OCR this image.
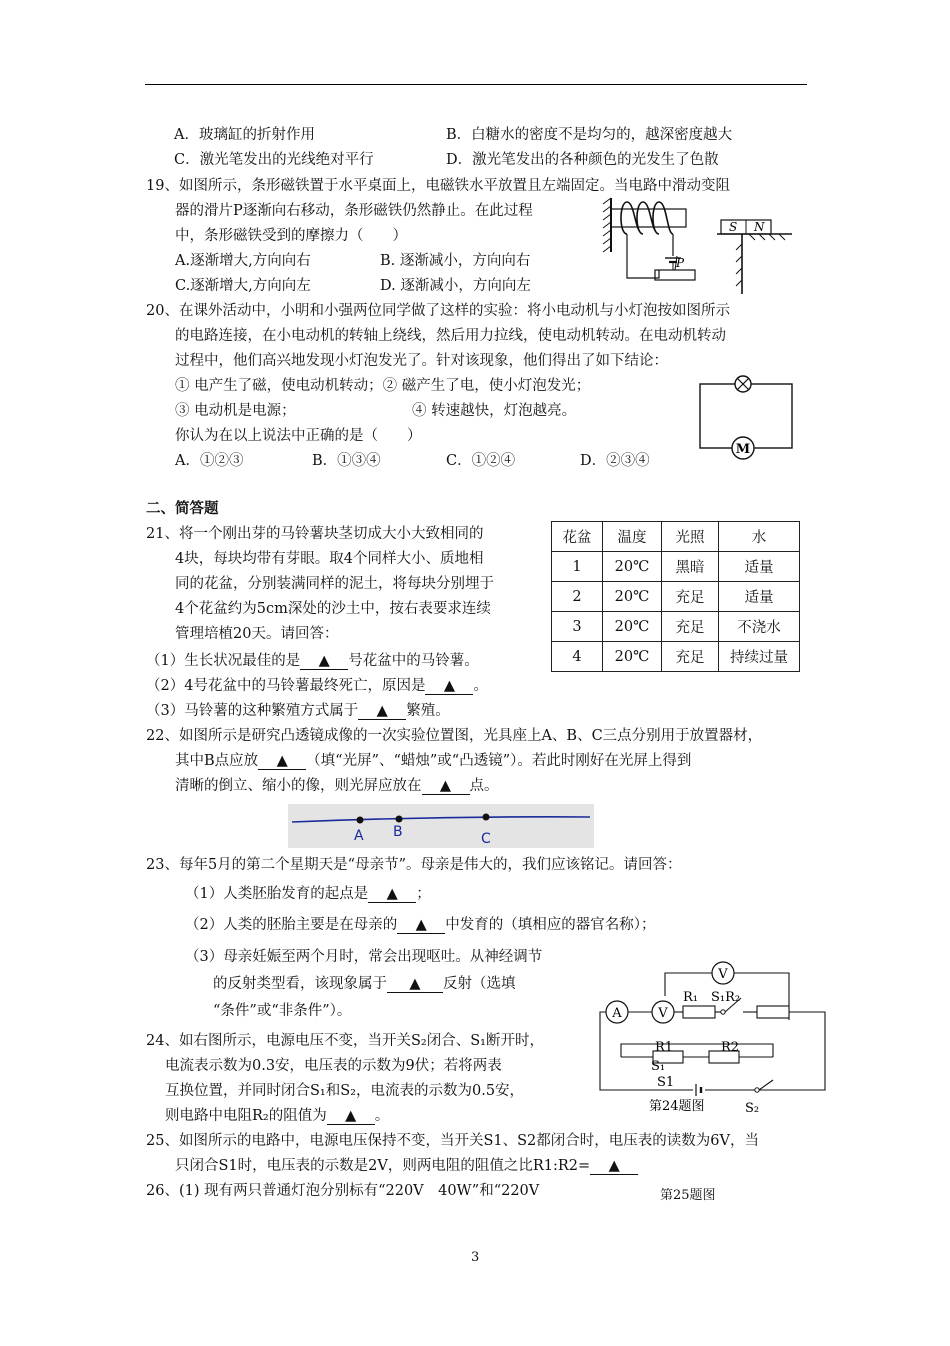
A．玻璃缸的折射作用	B．白糖水的密度不是均匀的，越深密度越大
C．激光笔发出的光线绝对平行	D．激光笔发出的各种颜色的光发生了色散
19、如图所示，条形磁铁置于水平桌面上，电磁铁水平放置且左端固定。当电路中滑动变阻
器的滑片P逐渐向右移动，条形磁铁仍然静止。在此过程
中，条形磁铁受到的摩擦力（　　）
A.逐渐增大,方向向右	B. 逐渐减小，方向向右
C.逐渐增大,方向向左	D. 逐渐减小，方向向左
P
S N
20、在课外活动中，小明和小强两位同学做了这样的实验：将小电动机与小灯泡按如图所示
的电路连接，在小电动机的转轴上绕线，然后用力拉线，使电动机转动。在电动机转动
过程中，他们高兴地发现小灯泡发光了。针对该现象，他们得出了如下结论：
① 电产生了磁，使电动机转动；② 磁产生了电，使小灯泡发光；
③ 电动机是电源；	④ 转速越快，灯泡越亮。
你认为在以上说法中正确的是（　　）
A．①②③	B．①③④	C．①②④	D．②③④
M
二、简答题
21、将一个刚出芽的马铃薯块茎切成大小大致相同的
4块，每块均带有芽眼。取4个同样大小、质地相
同的花盆，分别装满同样的泥土，将每块分别埋于
4个花盆约为5cm深处的沙土中，按右表要求连续
管理培植20天。请回答：
（1）生长状况最佳的是 ▲ 号花盆中的马铃薯。
（2）4号花盆中的马铃薯最终死亡，原因是 ▲ 。
（3）马铃薯的这种繁殖方式属于 ▲ 繁殖。
花盆	温度	光照	水
1	20℃	黑暗	适量
2	20℃	充足	适量
3	20℃	充足	不浇水
4	20℃	充足	持续过量
22、如图所示是研究凸透镜成像的一次实验位置图，光具座上A、B、C三点分别用于放置器材，
其中B点应放 ▲ （填“光屏”、“蜡烛”或“凸透镜”）。若此时刚好在光屏上得到
清晰的倒立、缩小的像，则光屏应放在 ▲ 点。
A B	C
23、每年5月的第二个星期天是“母亲节”。母亲是伟大的，我们应该铭记。请回答：
（1）人类胚胎发育的起点是 ▲ ；
（2）人类的胚胎主要是在母亲的 ▲ 中发育的（填相应的器官名称）；
（3）母亲妊娠至两个月时，常会出现呕吐。从神经调节
的反射类型看，该现象属于 ▲ 反射（选填
“条件”或“非条件”）。
24、如右图所示，电源电压不变，当开关S₂闭合、S₁断开时，
电流表示数为0.3安，电压表的示数为9伏；若将两表
互换位置，并同时闭合S₁和S₂，电流表的示数为0.5安，
则电路中电阻R₂的阻值为 ▲ 。
V
A	V
R₁ S₁R₂
R1
S₁
R2
S1
S₂
第24题图
25、如图所示的电路中，电源电压保持不变，当开关S1、S2都闭合时，电压表的读数为6V，当
只闭合S1时，电压表的示数是2V，则两电阻的阻值之比R1:R2= ▲
26、(1) 现有两只普通灯泡分别标有“220V　40W”和“220V	第25题图
3
